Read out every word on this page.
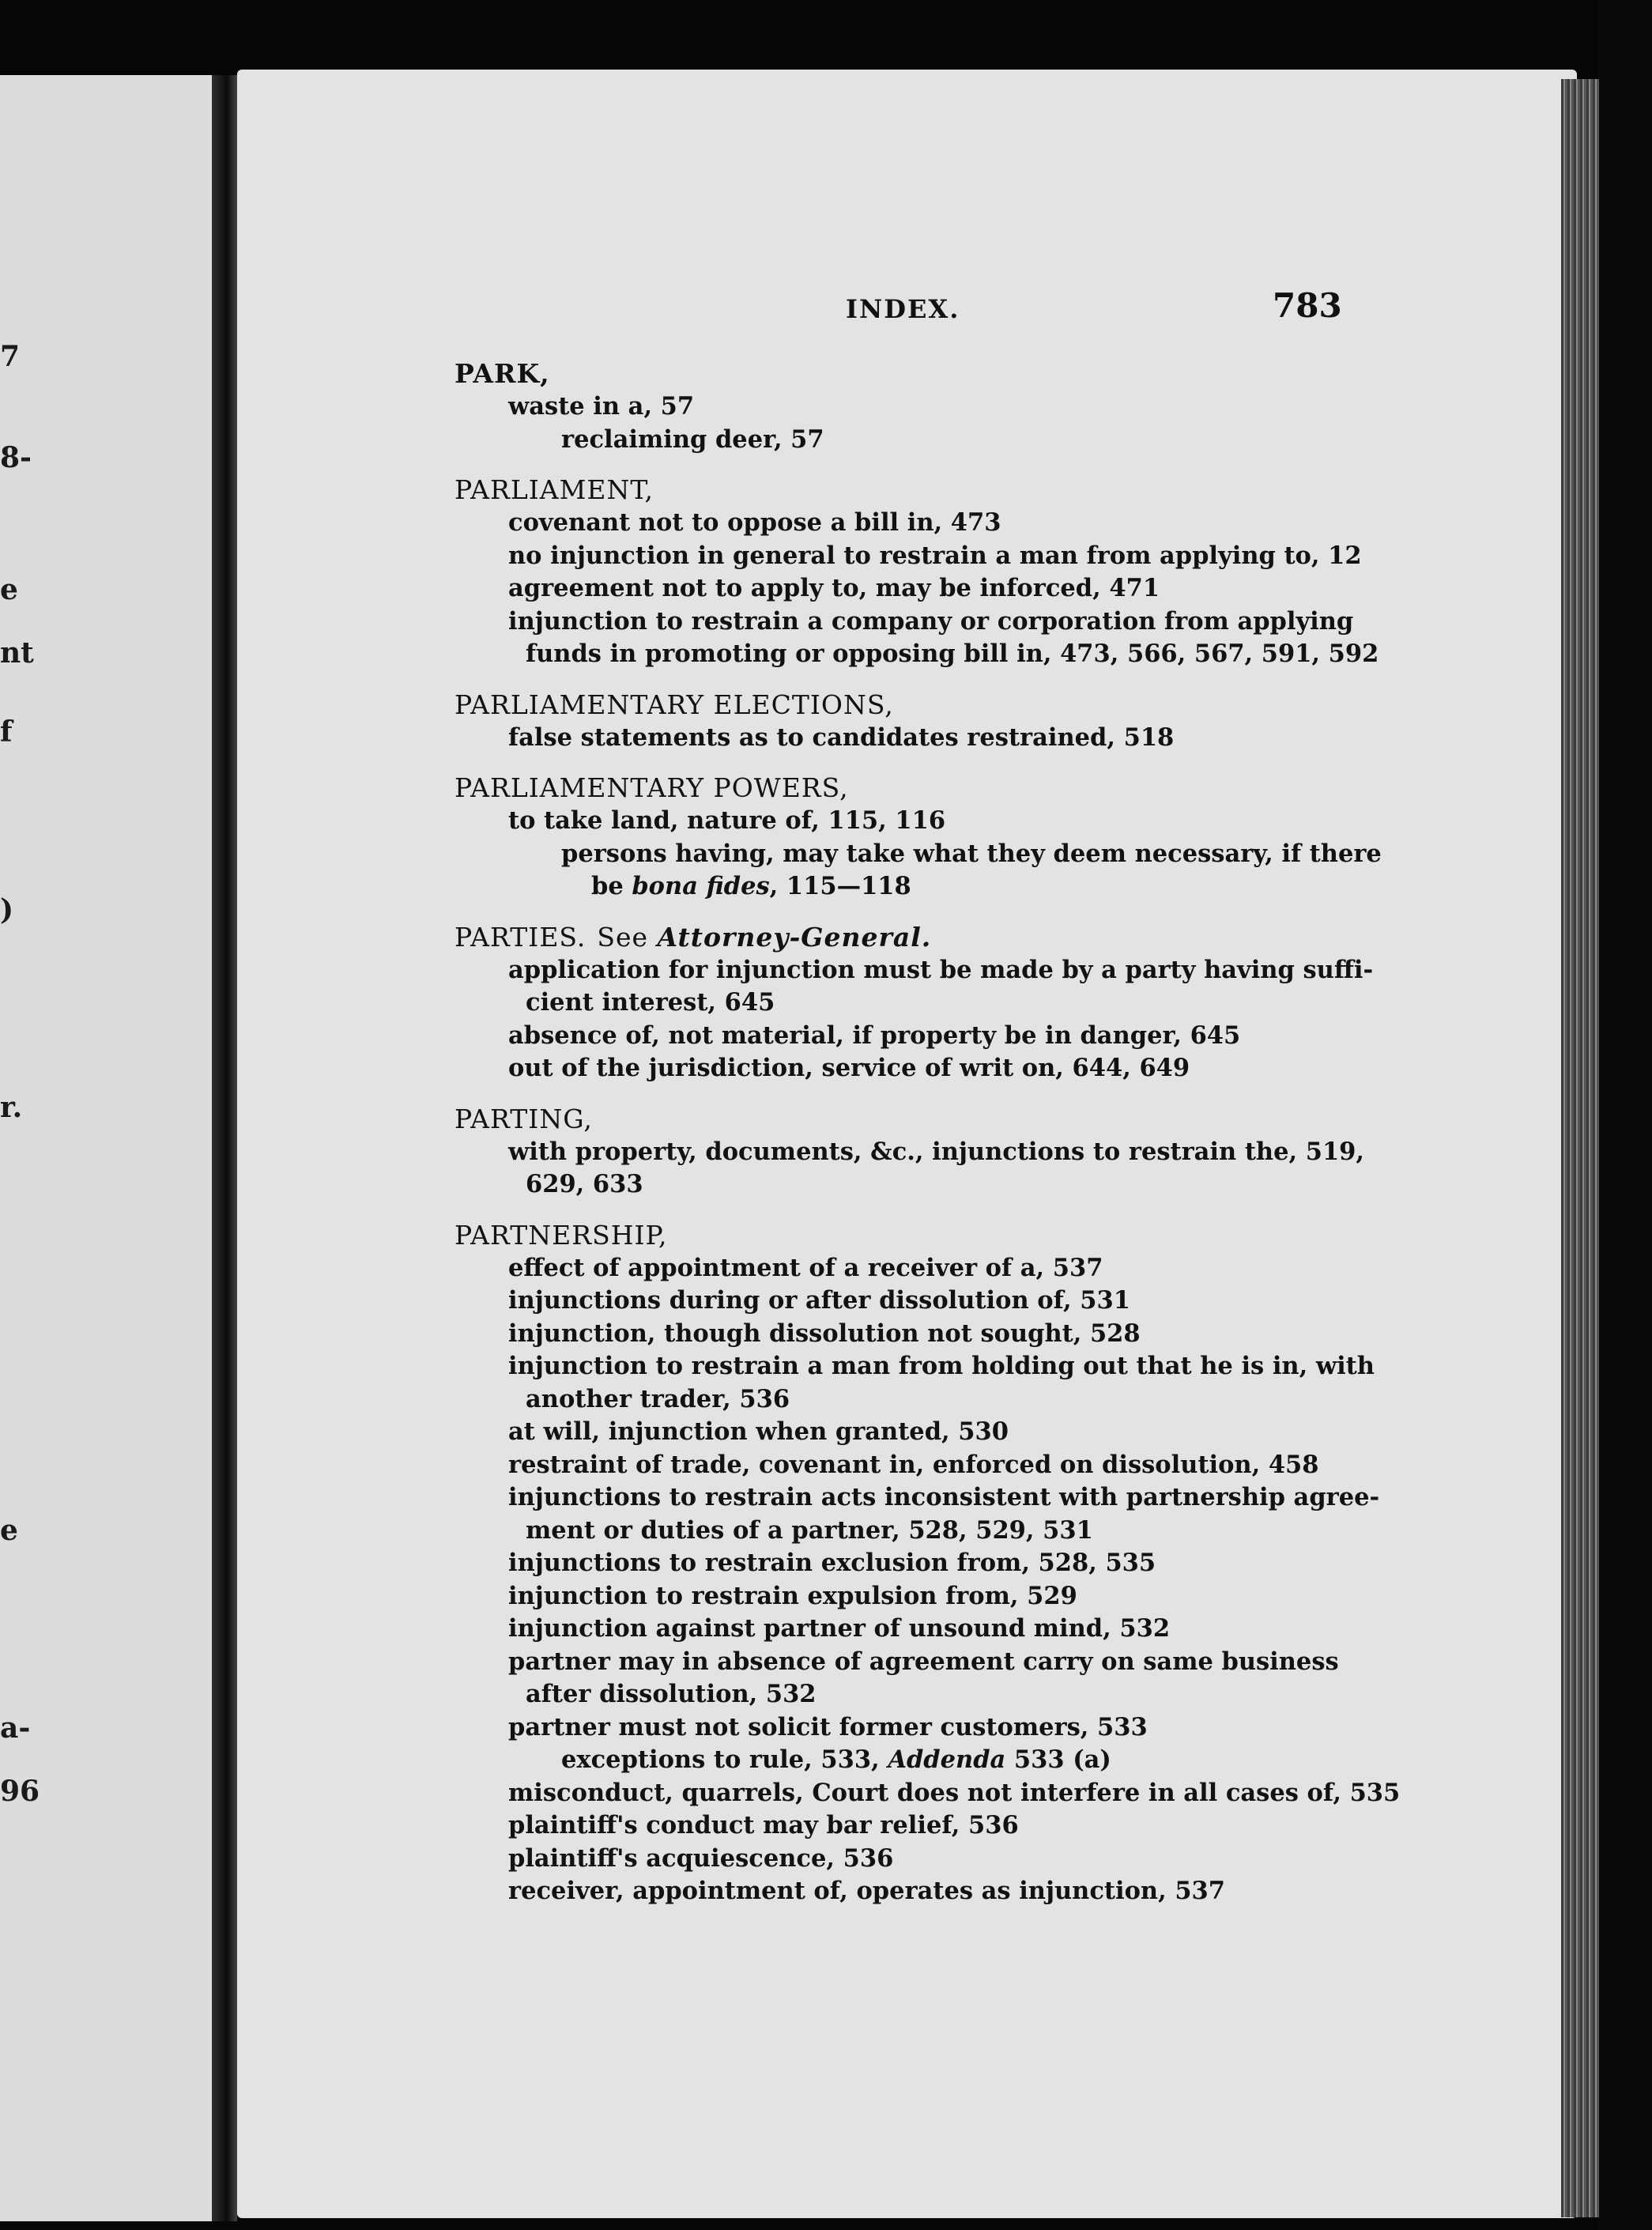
7
8-
e
nt
f
)
r.
e
a-
96
INDEX.	783
PARK,
waste in a, 57
reclaiming deer, 57
PARLIAMENT,
covenant not to oppose a bill in, 473
no injunction in general to restrain a man from applying to, 12
agreement not to apply to, may be inforced, 471
injunction to restrain a company or corporation from applying
funds in promoting or opposing bill in, 473, 566, 567, 591, 592
PARLIAMENTARY ELECTIONS,
false statements as to candidates restrained, 518
PARLIAMENTARY POWERS,
to take land, nature of, 115, 116
persons having, may take what they deem necessary, if there
be bona fides, 115—118
PARTIES. See Attorney-General.
application for injunction must be made by a party having suffi-
cient interest, 645
absence of, not material, if property be in danger, 645
out of the jurisdiction, service of writ on, 644, 649
PARTING,
with property, documents, &c., injunctions to restrain the, 519,
629, 633
PARTNERSHIP,
effect of appointment of a receiver of a, 537
injunctions during or after dissolution of, 531
injunction, though dissolution not sought, 528
injunction to restrain a man from holding out that he is in, with
another trader, 536
at will, injunction when granted, 530
restraint of trade, covenant in, enforced on dissolution, 458
injunctions to restrain acts inconsistent with partnership agree-
ment or duties of a partner, 528, 529, 531
injunctions to restrain exclusion from, 528, 535
injunction to restrain expulsion from, 529
injunction against partner of unsound mind, 532
partner may in absence of agreement carry on same business
after dissolution, 532
partner must not solicit former customers, 533
exceptions to rule, 533, Addenda 533 (a)
misconduct, quarrels, Court does not interfere in all cases of, 535
plaintiff's conduct may bar relief, 536
plaintiff's acquiescence, 536
receiver, appointment of, operates as injunction, 537
